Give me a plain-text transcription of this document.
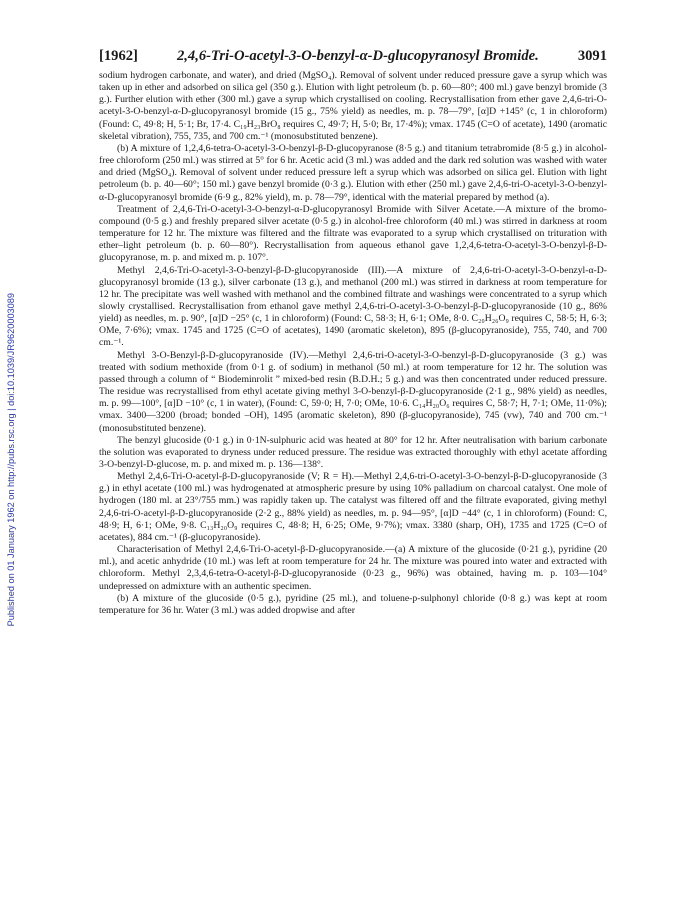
Published on 01 January 1962 on http://pubs.rsc.org | doi:10.1039/JR9620003089
[1962]	2,4,6-Tri-O-acetyl-3-O-benzyl-α-D-glucopyranosyl Bromide.	3091

sodium hydrogen carbonate, and water), and dried (MgSO₄). Removal of solvent under reduced pressure gave a syrup which was taken up in ether and adsorbed on silica gel (350 g.). Elution with light petroleum (b. p. 60—80°; 400 ml.) gave benzyl bromide (3 g.). Further elution with ether (300 ml.) gave a syrup which crystallised on cooling. Recrystallisation from ether gave 2,4,6-tri-O-acetyl-3-O-benzyl-α-D-glucopyranosyl bromide (15 g., 75% yield) as needles, m. p. 78—79°, [α]D +145° (c, 1 in chloroform) (Found: C, 49·8; H, 5·1; Br, 17·4. C₁₉H₂₃BrO₈ requires C, 49·7; H, 5·0; Br, 17·4%); νmax. 1745 (C=O of acetate), 1490 (aromatic skeletal vibration), 755, 735, and 700 cm.⁻¹ (monosubstituted benzene).

(b) A mixture of 1,2,4,6-tetra-O-acetyl-3-O-benzyl-β-D-glucopyranose (8·5 g.) and titanium tetrabromide (8·5 g.) in alcohol-free chloroform (250 ml.) was stirred at 5° for 6 hr. Acetic acid (3 ml.) was added and the dark red solution was washed with water and dried (MgSO₄). Removal of solvent under reduced pressure left a syrup which was adsorbed on silica gel. Elution with light petroleum (b. p. 40—60°; 150 ml.) gave benzyl bromide (0·3 g.). Elution with ether (250 ml.) gave 2,4,6-tri-O-acetyl-3-O-benzyl-α-D-glucopyranosyl bromide (6·9 g., 82% yield), m. p. 78—79°, identical with the material prepared by method (a).

Treatment of 2,4,6-Tri-O-acetyl-3-O-benzyl-α-D-glucopyranosyl Bromide with Silver Acetate.—A mixture of the bromo-compound (0·5 g.) and freshly prepared silver acetate (0·5 g.) in alcohol-free chloroform (40 ml.) was stirred in darkness at room temperature for 12 hr. The mixture was filtered and the filtrate was evaporated to a syrup which crystallised on trituration with ether–light petroleum (b. p. 60—80°). Recrystallisation from aqueous ethanol gave 1,2,4,6-tetra-O-acetyl-3-O-benzyl-β-D-glucopyranose, m. p. and mixed m. p. 107°.

Methyl 2,4,6-Tri-O-acetyl-3-O-benzyl-β-D-glucopyranoside (III).—A mixture of 2,4,6-tri-O-acetyl-3-O-benzyl-α-D-glucopyranosyl bromide (13 g.), silver carbonate (13 g.), and methanol (200 ml.) was stirred in darkness at room temperature for 12 hr. The precipitate was well washed with methanol and the combined filtrate and washings were concentrated to a syrup which slowly crystallised. Recrystallisation from ethanol gave methyl 2,4,6-tri-O-acetyl-3-O-benzyl-β-D-glucopyranoside (10 g., 86% yield) as needles, m. p. 90°, [α]D −25° (c, 1 in chloroform) (Found: C, 58·3; H, 6·1; OMe, 8·0. C₂₀H₂₆O₉ requires C, 58·5; H, 6·3; OMe, 7·6%); νmax. 1745 and 1725 (C=O of acetates), 1490 (aromatic skeleton), 895 (β-glucopyranoside), 755, 740, and 700 cm.⁻¹.

Methyl 3-O-Benzyl-β-D-glucopyranoside (IV).—Methyl 2,4,6-tri-O-acetyl-3-O-benzyl-β-D-glucopyranoside (3 g.) was treated with sodium methoxide (from 0·1 g. of sodium) in methanol (50 ml.) at room temperature for 12 hr. The solution was passed through a column of “ Biodeminrolit ” mixed-bed resin (B.D.H.; 5 g.) and was then concentrated under reduced pressure. The residue was recrystallised from ethyl acetate giving methyl 3-O-benzyl-β-D-glucopyranoside (2·1 g., 98% yield) as needles, m. p. 99—100°, [α]D −10° (c, 1 in water), (Found: C, 59·0; H, 7·0; OMe, 10·6. C₁₄H₂₀O₆ requires C, 58·7; H, 7·1; OMe, 11·0%); νmax. 3400—3200 (broad; bonded –OH), 1495 (aromatic skeleton), 890 (β-glucopyranoside), 745 (vw), 740 and 700 cm.⁻¹ (monosubstituted benzene).

The benzyl glucoside (0·1 g.) in 0·1N-sulphuric acid was heated at 80° for 12 hr. After neutralisation with barium carbonate the solution was evaporated to dryness under reduced pressure. The residue was extracted thoroughly with ethyl acetate affording 3-O-benzyl-D-glucose, m. p. and mixed m. p. 136—138°.

Methyl 2,4,6-Tri-O-acetyl-β-D-glucopyranoside (V; R = H).—Methyl 2,4,6-tri-O-acetyl-3-O-benzyl-β-D-glucopyranoside (3 g.) in ethyl acetate (100 ml.) was hydrogenated at atmospheric presure by using 10% palladium on charcoal catalyst. One mole of hydrogen (180 ml. at 23°/755 mm.) was rapidly taken up. The catalyst was filtered off and the filtrate evaporated, giving methyl 2,4,6-tri-O-acetyl-β-D-glucopyranoside (2·2 g., 88% yield) as needles, m. p. 94—95°, [α]D −44° (c, 1 in chloroform) (Found: C, 48·9; H, 6·1; OMe, 9·8. C₁₃H₂₀O₉ requires C, 48·8; H, 6·25; OMe, 9·7%); νmax. 3380 (sharp, OH), 1735 and 1725 (C=O of acetates), 884 cm.⁻¹ (β-glucopyranoside).

Characterisation of Methyl 2,4,6-Tri-O-acetyl-β-D-glucopyranoside.—(a) A mixture of the glucoside (0·21 g.), pyridine (20 ml.), and acetic anhydride (10 ml.) was left at room temperature for 24 hr. The mixture was poured into water and extracted with chloroform. Methyl 2,3,4,6-tetra-O-acetyl-β-D-glucopyranoside (0·23 g., 96%) was obtained, having m. p. 103—104° undepressed on admixture with an authentic specimen.

(b) A mixture of the glucoside (0·5 g.), pyridine (25 ml.), and toluene-p-sulphonyl chloride (0·8 g.) was kept at room temperature for 36 hr. Water (3 ml.) was added dropwise and after
